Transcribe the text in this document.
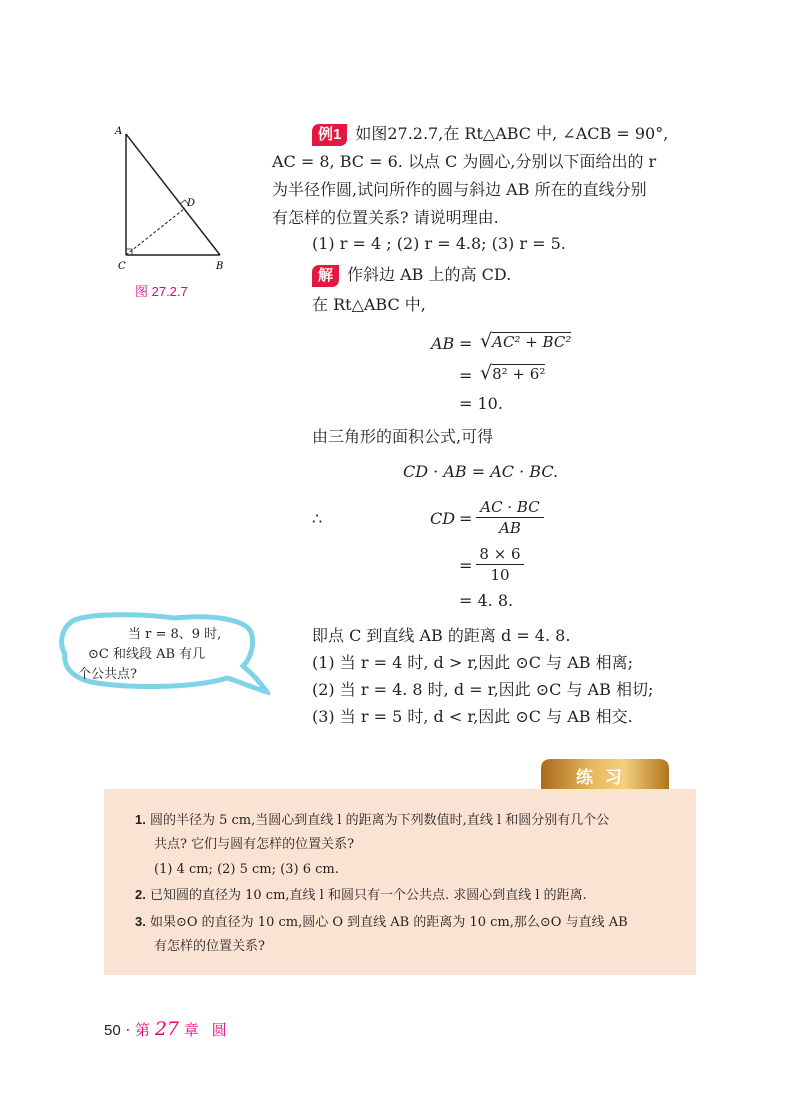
A
B
C
D
图 27.2.7
例1 如图27.2.7,在 Rt△ABC 中, ∠ACB = 90°,
AC = 8, BC = 6. 以点 C 为圆心,分别以下面给出的 r
为半径作圆,试问所作的圆与斜边 AB 所在的直线分别
有怎样的位置关系? 请说明理由.
(1) r = 4 ; (2) r = 4.8; (3) r = 5.
解 作斜边 AB 上的高 CD.
在 Rt△ABC 中,
AB = √AC² + BC²
= √8² + 6²
= 10.
由三角形的面积公式,可得
CD · AB = AC · BC.
∴	CD = $\frac{AC \cdot BC}{AB}$
= $\frac{8 \times 6}{10}$
= 4. 8.
即点 C 到直线 AB 的距离 d = 4. 8.
(1) 当 r = 4 时, d > r,因此 ⊙C 与 AB 相离;
(2) 当 r = 4. 8 时, d = r,因此 ⊙C 与 AB 相切;
(3) 当 r = 5 时, d < r,因此 ⊙C 与 AB 相交.
当 r = 8、9 时,
⊙C 和线段 AB 有几
个公共点?
练习
1. 圆的半径为 5 cm,当圆心到直线 l 的距离为下列数值时,直线 l 和圆分别有几个公
共点? 它们与圆有怎样的位置关系?
(1) 4 cm; (2) 5 cm; (3) 6 cm.
2. 已知圆的直径为 10 cm,直线 l 和圆只有一个公共点. 求圆心到直线 l 的距离.
3. 如果⊙O 的直径为 10 cm,圆心 O 到直线 AB 的距离为 10 cm,那么⊙O 与直线 AB
有怎样的位置关系?
50 · 第 27 章 圆
